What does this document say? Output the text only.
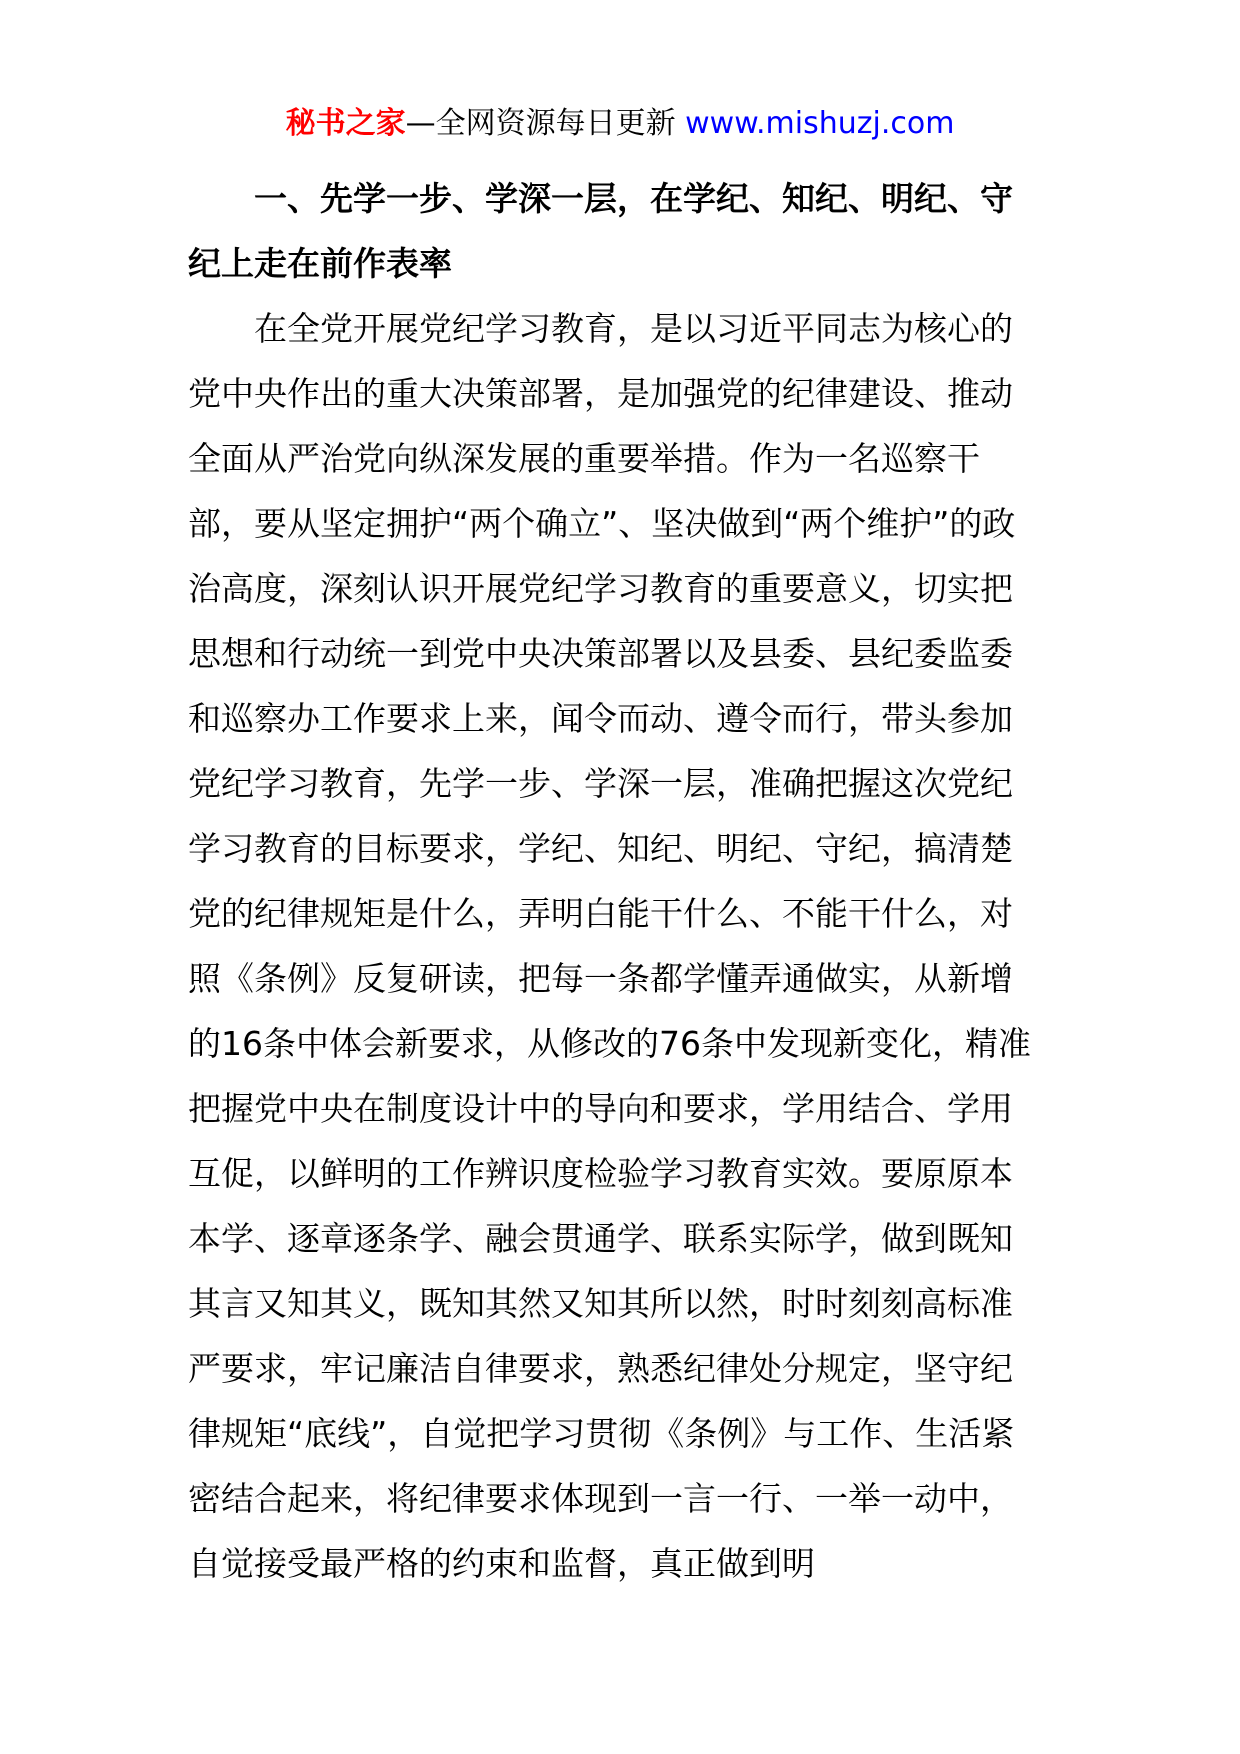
秘书之家—全网资源每日更新 www.mishuzj.com

一、先学一步、学深一层，在学纪、知纪、明纪、守纪上走在前作表率

在全党开展党纪学习教育，是以习近平同志为核心的党中央作出的重大决策部署，是加强党的纪律建设、推动全面从严治党向纵深发展的重要举措。作为一名巡察干部，要从坚定拥护“两个确立”、坚决做到“两个维护”的政治高度，深刻认识开展党纪学习教育的重要意义，切实把思想和行动统一到党中央决策部署以及县委、县纪委监委和巡察办工作要求上来，闻令而动、遵令而行，带头参加党纪学习教育，先学一步、学深一层，准确把握这次党纪学习教育的目标要求，学纪、知纪、明纪、守纪，搞清楚党的纪律规矩是什么，弄明白能干什么、不能干什么，对照《条例》反复研读，把每一条都学懂弄通做实，从新增的16条中体会新要求，从修改的76条中发现新变化，精准把握党中央在制度设计中的导向和要求，学用结合、学用互促，以鲜明的工作辨识度检验学习教育实效。要原原本本学、逐章逐条学、融会贯通学、联系实际学，做到既知其言又知其义，既知其然又知其所以然，时时刻刻高标准严要求，牢记廉洁自律要求，熟悉纪律处分规定，坚守纪律规矩“底线”，自觉把学习贯彻《条例》与工作、生活紧密结合起来，将纪律要求体现到一言一行、一举一动中，自觉接受最严格的约束和监督，真正做到明
